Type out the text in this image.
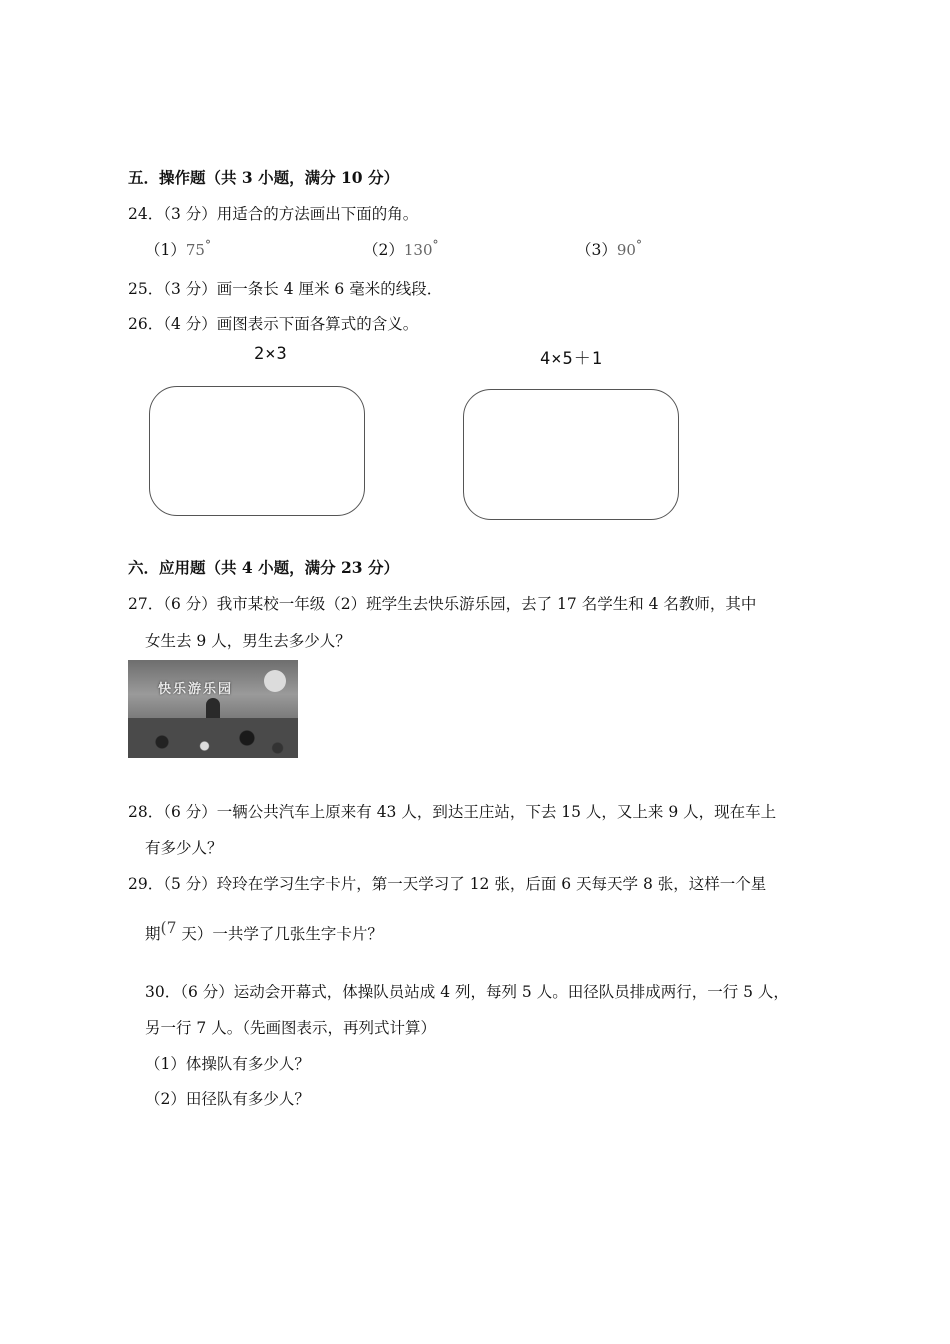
五．操作题（共 3 小题，满分 10 分）
24．（3 分）用适合的方法画出下面的角。
（1）75°	（2）130°	（3）90°
25．（3 分）画一条长 4 厘米 6 毫米的线段．
26．（4 分）画图表示下面各算式的含义。
2×3	4×5＋1
六．应用题（共 4 小题，满分 23 分）
27．（6 分）我市某校一年级（2）班学生去快乐游乐园，去了 17 名学生和 4 名教师，其中
女生去 9 人，男生去多少人？
快乐游乐园
28．（6 分）一辆公共汽车上原来有 43 人，到达王庄站，下去 15 人，又上来 9 人，现在车上
有多少人？
29．（5 分）玲玲在学习生字卡片，第一天学习了 12 张，后面 6 天每天学 8 张，这样一个星
期(7 天）一共学了几张生字卡片？
30．（6 分）运动会开幕式，体操队员站成 4 列，每列 5 人。田径队员排成两行，一行 5 人，
另一行 7 人。（先画图表示，再列式计算）
（1）体操队有多少人？
（2）田径队有多少人？
